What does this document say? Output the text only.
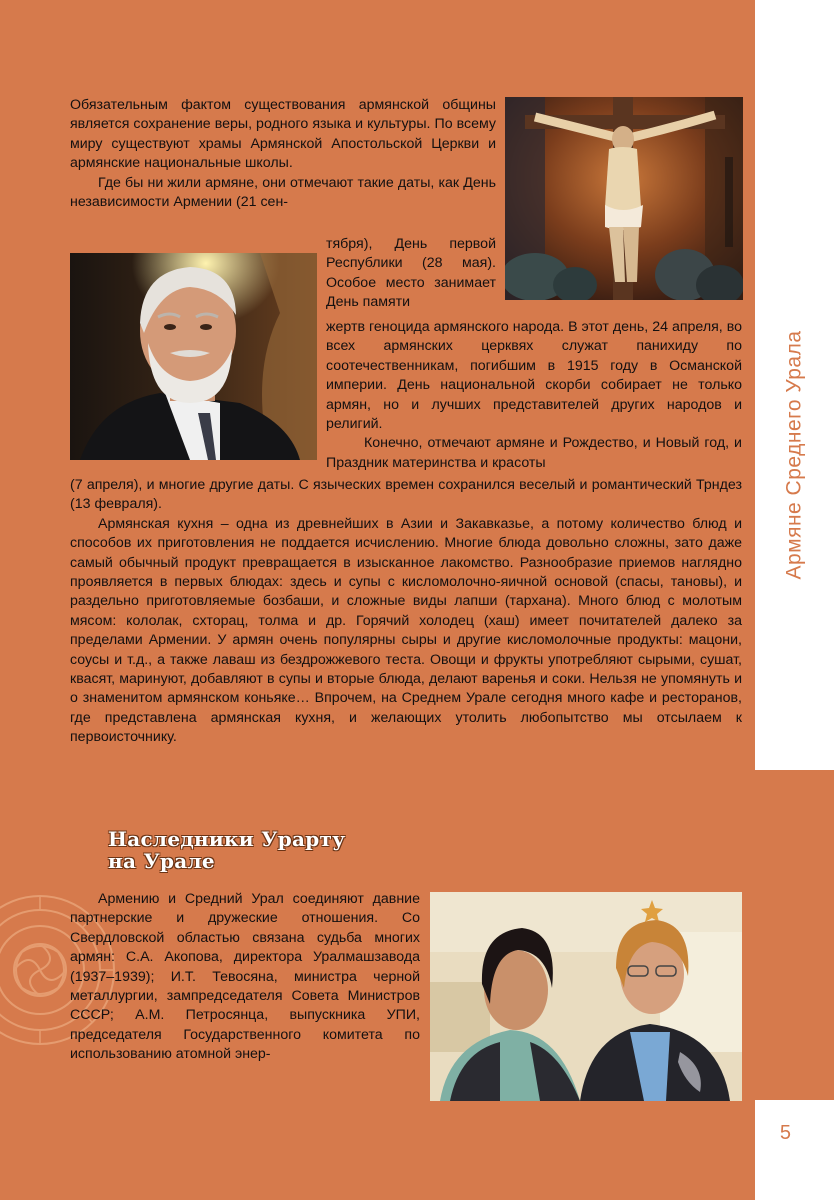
Армяне Среднего Урала
5

Обязательным фактом существования армянской общины является сохранение веры, родного языка и культуры. По всему миру существуют храмы Армянской Апостольской Церкви и армянские национальные школы.

Где бы ни жили армяне, они отмечают такие даты, как День независимости Армении (21 сен-

тября), День первой Республики (28 мая). Особое место занимает День памяти

жертв геноцида армянского народа. В этот день, 24 апреля, во всех армянских церквях служат панихиду по соотечественникам, погибшим в 1915 году в Османской империи. День национальной скорби собирает не только армян, но и лучших представителей других народов и религий.

Конечно, отмечают армяне и Рождество, и Новый год, и Праздник материнства и красоты

(7 апреля), и многие другие даты. С языческих времен сохранился веселый и романтический Трндез (13 февраля).

Армянская кухня – одна из древнейших в Азии и Закавказье, а потому количество блюд и способов их приготовления не поддается исчислению. Многие блюда довольно сложны, зато даже самый обычный продукт превращается в изысканное лакомство. Разнообразие приемов наглядно проявляется в первых блюдах: здесь и супы с кисломолочно-яичной основой (спасы, тановы), и раздельно приготовляемые бозбаши, и сложные виды лапши (тархана). Много блюд с молотым мясом: кололак, схторац, толма и др. Горячий холодец (хаш) имеет почитателей далеко за пределами Армении. У армян очень популярны сыры и другие кисломолочные продукты: мацони, соусы и т.д., а также лаваш из бездрожжевого теста. Овощи и фрукты употребляют сырыми, сушат, квасят, маринуют, добавляют в супы и вторые блюда, делают варенья и соки. Нельзя не упомянуть и о знаменитом армянском коньяке… Впрочем, на Среднем Урале сегодня много кафе и ресторанов, где представлена армянская кухня, и желающих утолить любопытство мы отсылаем к первоисточнику.

Наследники Урарту
на Урале

Армению и Средний Урал соединяют давние партнерские и дружеские отношения. Со Свердловской областью связана судьба многих армян: С.А. Акопова, директора Уралмашзавода (1937–1939); И.Т. Тевосяна, министра черной металлургии, зампредседателя Совета Министров СССР; А.М. Петросянца, выпускника УПИ, председателя Государственного комитета по использованию атомной энер-
